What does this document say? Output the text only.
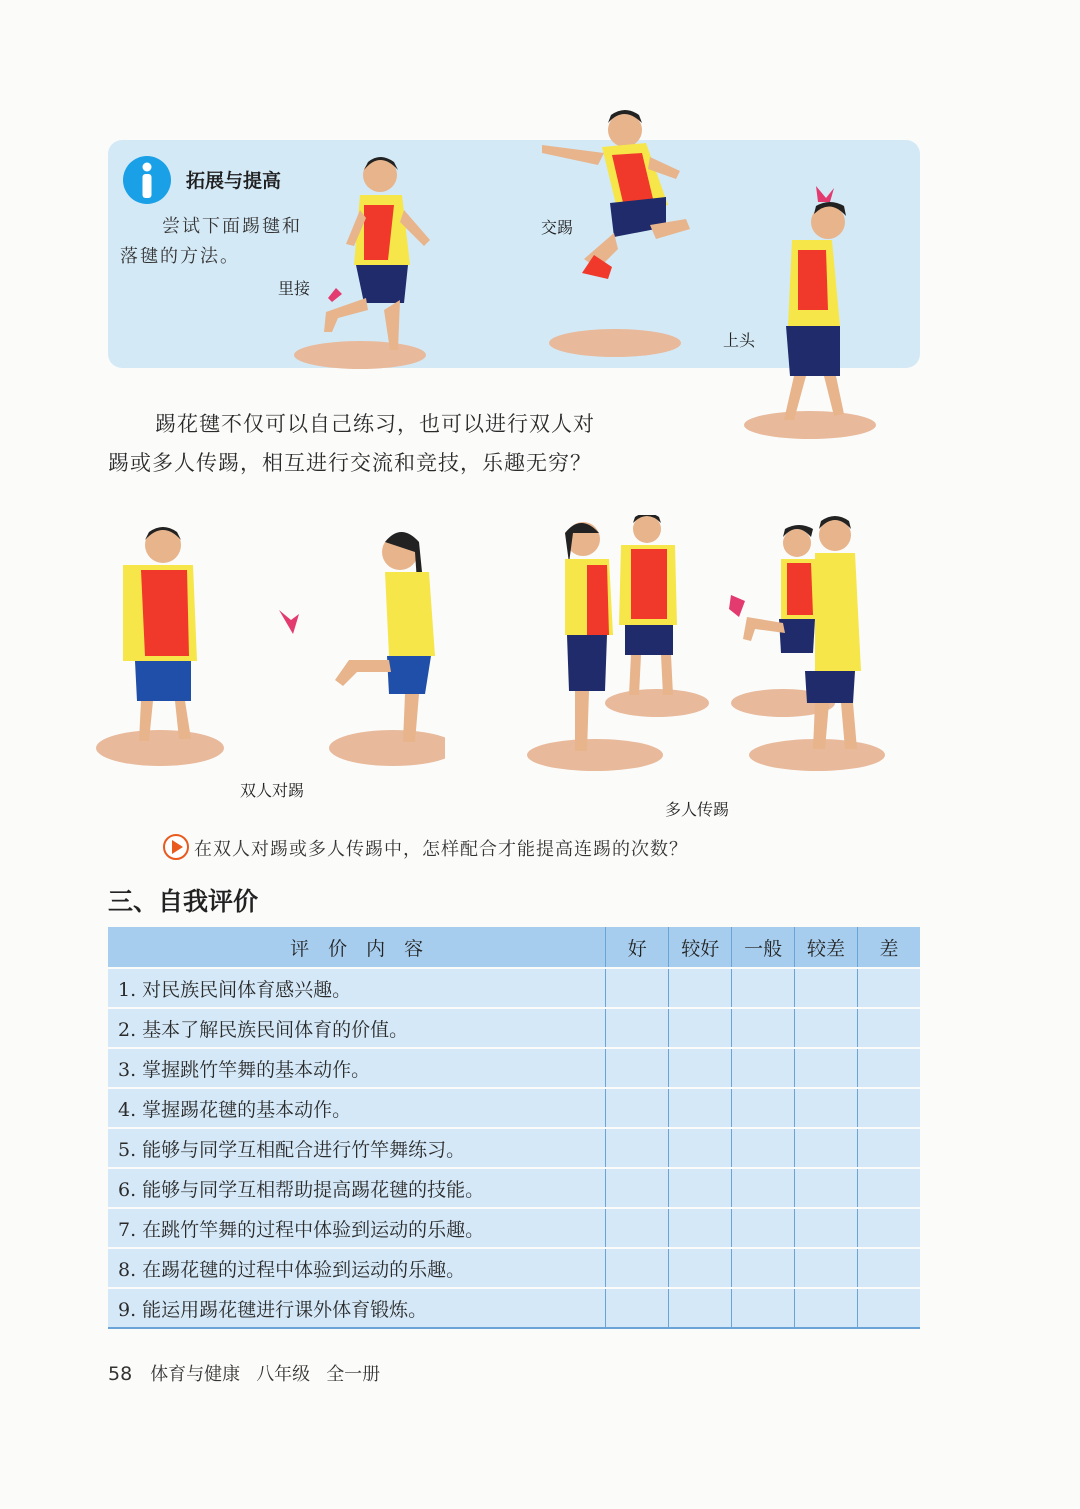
拓展与提高
尝试下面踢毽和
落毽的方法。
里接
交踢
上头
踢花毽不仅可以自己练习，也可以进行双人对
踢或多人传踢，相互进行交流和竞技，乐趣无穷？
双人对踢
多人传踢
在双人对踢或多人传踢中，怎样配合才能提高连踢的次数？
三、自我评价
评　价　内　容	好	较好	一般	较差	差
1. 对民族民间体育感兴趣。					
2. 基本了解民族民间体育的价值。					
3. 掌握跳竹竿舞的基本动作。					
4. 掌握踢花毽的基本动作。					
5. 能够与同学互相配合进行竹竿舞练习。					
6. 能够与同学互相帮助提高踢花毽的技能。					
7. 在跳竹竿舞的过程中体验到运动的乐趣。					
8. 在踢花毽的过程中体验到运动的乐趣。					
9. 能运用踢花毽进行课外体育锻炼。					
58 体育与健康 八年级 全一册
